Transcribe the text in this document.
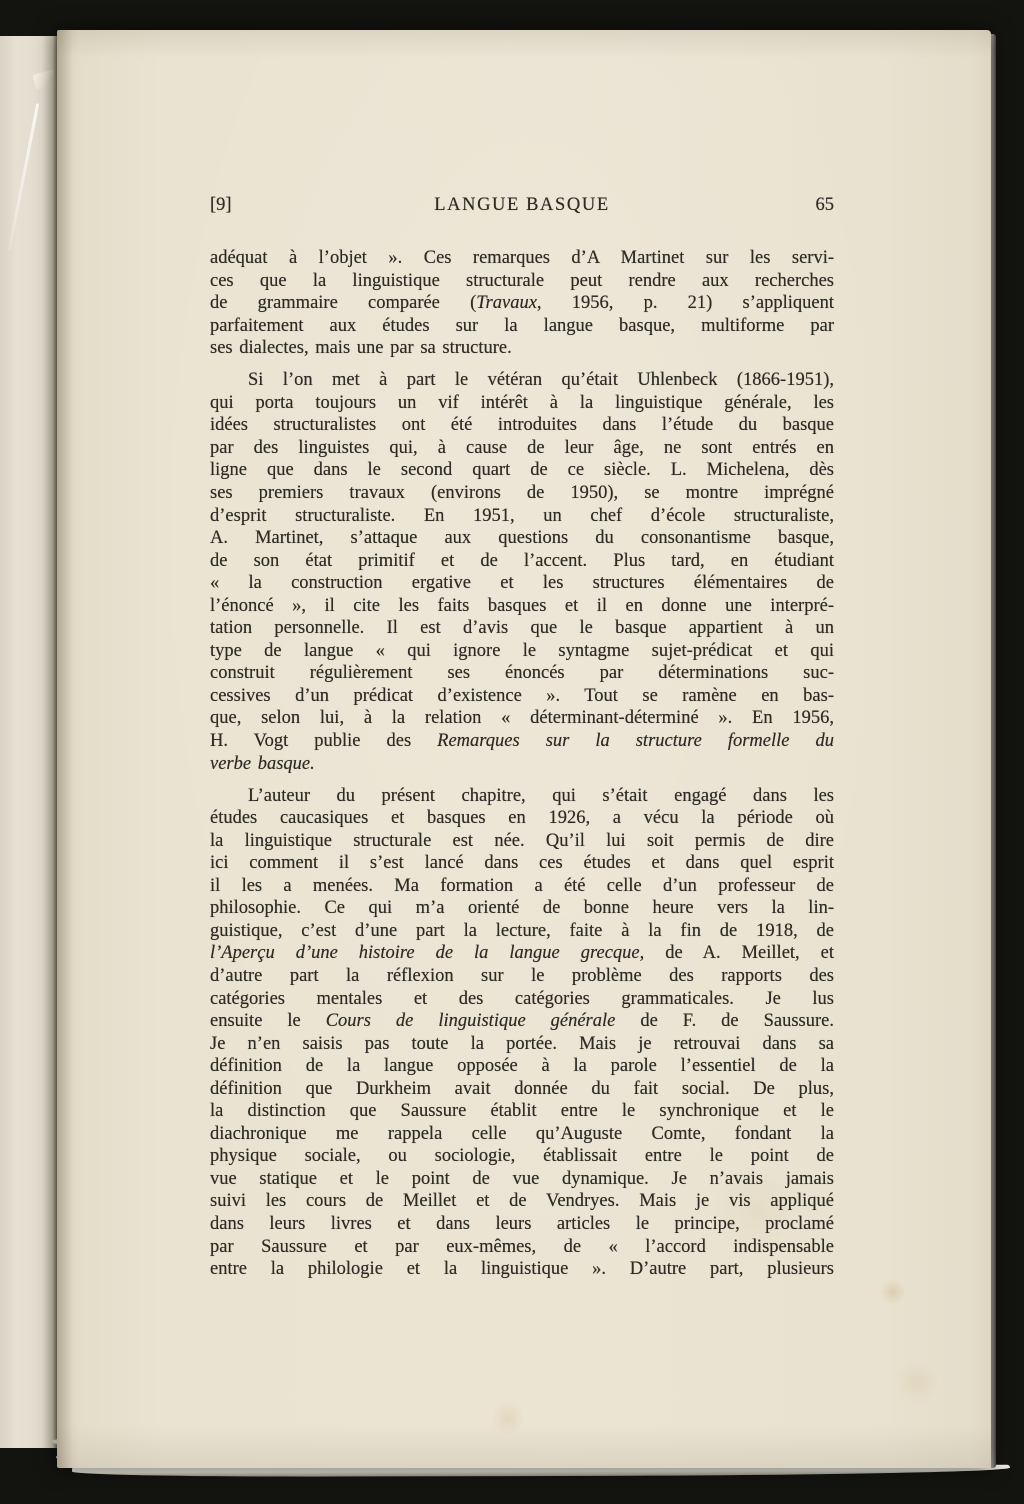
[9]	LANGUE BASQUE	65
adéquat à l’objet ». Ces remarques d’A Martinet sur les servi-
ces que la linguistique structurale peut rendre aux recherches
de grammaire comparée (Travaux, 1956, p. 21) s’appliquent
parfaitement aux études sur la langue basque, multiforme par
ses dialectes, mais une par sa structure.
Si l’on met à part le vétéran qu’était Uhlenbeck (1866-1951),
qui porta toujours un vif intérêt à la linguistique générale, les
idées structuralistes ont été introduites dans l’étude du basque
par des linguistes qui, à cause de leur âge, ne sont entrés en
ligne que dans le second quart de ce siècle. L. Michelena, dès
ses premiers travaux (environs de 1950), se montre imprégné
d’esprit structuraliste. En 1951, un chef d’école structuraliste,
A. Martinet, s’attaque aux questions du consonantisme basque,
de son état primitif et de l’accent. Plus tard, en étudiant
« la construction ergative et les structures élémentaires de
l’énoncé », il cite les faits basques et il en donne une interpré-
tation personnelle. Il est d’avis que le basque appartient à un
type de langue « qui ignore le syntagme sujet-prédicat et qui
construit régulièrement ses énoncés par déterminations suc-
cessives d’un prédicat d’existence ». Tout se ramène en bas-
que, selon lui, à la relation « déterminant-déterminé ». En 1956,
H. Vogt publie des Remarques sur la structure formelle du
verbe basque.
L’auteur du présent chapitre, qui s’était engagé dans les
études caucasiques et basques en 1926, a vécu la période où
la linguistique structurale est née. Qu’il lui soit permis de dire
ici comment il s’est lancé dans ces études et dans quel esprit
il les a menées. Ma formation a été celle d’un professeur de
philosophie. Ce qui m’a orienté de bonne heure vers la lin-
guistique, c’est d’une part la lecture, faite à la fin de 1918, de
l’Aperçu d’une histoire de la langue grecque, de A. Meillet, et
d’autre part la réflexion sur le problème des rapports des
catégories mentales et des catégories grammaticales. Je lus
ensuite le Cours de linguistique générale de F. de Saussure.
Je n’en saisis pas toute la portée. Mais je retrouvai dans sa
définition de la langue opposée à la parole l’essentiel de la
définition que Durkheim avait donnée du fait social. De plus,
la distinction que Saussure établit entre le synchronique et le
diachronique me rappela celle qu’Auguste Comte, fondant la
physique sociale, ou sociologie, établissait entre le point de
vue statique et le point de vue dynamique. Je n’avais jamais
suivi les cours de Meillet et de Vendryes. Mais je vis appliqué
dans leurs livres et dans leurs articles le principe, proclamé
par Saussure et par eux-mêmes, de « l’accord indispensable
entre la philologie et la linguistique ». D’autre part, plusieurs
